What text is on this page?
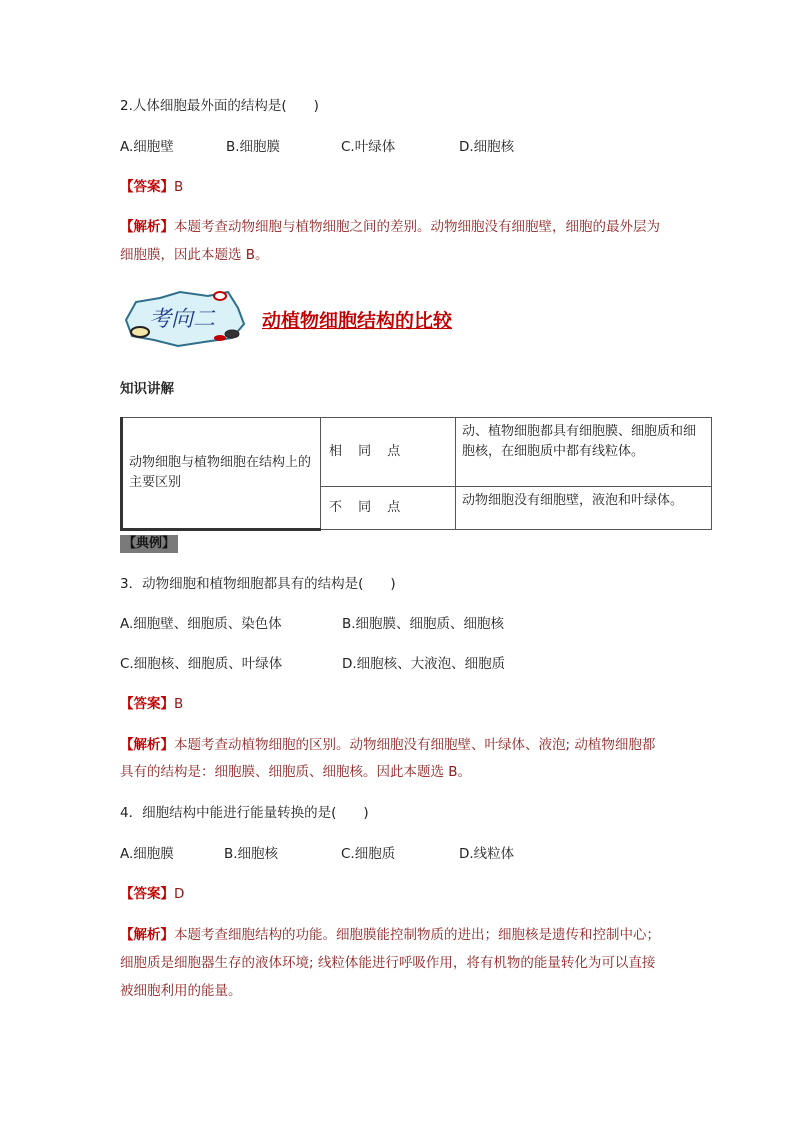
2.人体细胞最外面的结构是(　　)
A.细胞壁	B.细胞膜	C.叶绿体	D.细胞核
【答案】B
【解析】本题考查动物细胞与植物细胞之间的差别。动物细胞没有细胞壁，细胞的最外层为
细胞膜，因此本题选 B。
考向二 动植物细胞结构的比较
知识讲解
动物细胞与植物细胞在结构上的主要区别	相 同 点	动、植物细胞都具有细胞膜、细胞质和细胞核，在细胞质中都有线粒体。
	不 同 点	动物细胞没有细胞壁，液泡和叶绿体。
【典例】
3．动物细胞和植物细胞都具有的结构是(　　)
A.细胞壁、细胞质、染色体	B.细胞膜、细胞质、细胞核
C.细胞核、细胞质、叶绿体	D.细胞核、大液泡、细胞质
【答案】B
【解析】本题考查动植物细胞的区别。动物细胞没有细胞壁、叶绿体、液泡; 动植物细胞都
具有的结构是：细胞膜、细胞质、细胞核。因此本题选 B。
4．细胞结构中能进行能量转换的是(　　)
A.细胞膜	B.细胞核	C.细胞质	D.线粒体
【答案】D
【解析】本题考查细胞结构的功能。细胞膜能控制物质的进出；细胞核是遗传和控制中心；
细胞质是细胞器生存的液体环境; 线粒体能进行呼吸作用，将有机物的能量转化为可以直接
被细胞利用的能量。
